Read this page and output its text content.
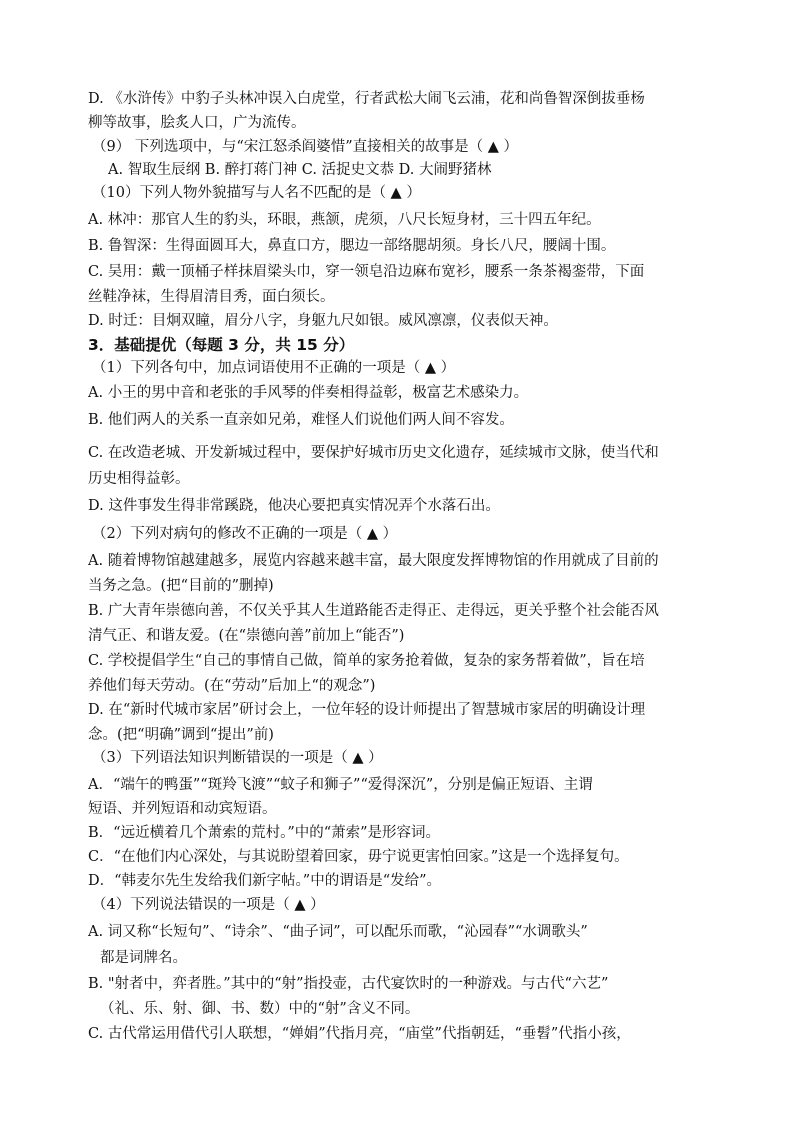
D. 《水浒传》中豹子头林冲误入白虎堂，行者武松大闹飞云浦，花和尚鲁智深倒拔垂杨
柳等故事，脍炙人口，广为流传。
（9） 下列选项中，与“宋江怒杀阎婆惜”直接相关的故事是（ ▲ ）
A. 智取生辰纲 B. 醉打蒋门神 C. 活捉史文恭 D. 大闹野猪林
（10）下列人物外貌描写与人名不匹配的是（ ▲ ）
A. 林冲：那官人生的豹头，环眼，燕颔，虎须，八尺长短身材，三十四五年纪。
B. 鲁智深：生得面圆耳大，鼻直口方，腮边一部络腮胡须。身长八尺，腰阔十围。
C. 吴用：戴一顶桶子样抹眉梁头巾，穿一领皂沿边麻布宽衫，腰系一条茶褐銮带，下面
丝鞋净袜，生得眉清目秀，面白须长。
D. 时迁：目炯双瞳，眉分八字，身躯九尺如银。威风凛凛，仪表似天神。
3．基础提优（每题 3 分，共 15 分）
（1）下列各句中，加点词语使用不正确的一项是（ ▲ ）
A. 小王的男中音和老张的手风琴的伴奏相得益彰，极富艺术感染力。
B. 他们两人的关系一直亲如兄弟，难怪人们说他们两人间不容发。
C. 在改造老城、开发新城过程中，要保护好城市历史文化遗存，延续城市文脉，使当代和
历史相得益彰。
D. 这件事发生得非常蹊跷，他决心要把真实情况弄个水落石出。
（2）下列对病句的修改不正确的一项是（ ▲ ）
A. 随着博物馆越建越多，展览内容越来越丰富，最大限度发挥博物馆的作用就成了目前的
当务之急。(把“目前的”删掉)
B. 广大青年崇德向善，不仅关乎其人生道路能否走得正、走得远，更关乎整个社会能否风
清气正、和谐友爱。(在“崇德向善”前加上“能否”)
C. 学校提倡学生“自己的事情自己做，简单的家务抢着做，复杂的家务帮着做”，旨在培
养他们每天劳动。(在“劳动”后加上“的观念”)
D. 在“新时代城市家居”研讨会上，一位年轻的设计师提出了智慧城市家居的明确设计理
念。(把“明确”调到“提出”前)
（3）下列语法知识判断错误的一项是（ ▲ ）
A．“端午的鸭蛋”“斑羚飞渡”“蚊子和狮子”“爱得深沉”，分别是偏正短语、主谓
短语、并列短语和动宾短语。
B．“远近横着几个萧索的荒村。”中的“萧索”是形容词。
C．“在他们内心深处，与其说盼望着回家，毋宁说更害怕回家。”这是一个选择复句。
D．“韩麦尔先生发给我们新字帖。”中的谓语是“发给”。
（4）下列说法错误的一项是（ ▲ ）
A. 词又称“长短句”、“诗余”、“曲子词”，可以配乐而歌，“沁园春”“水调歌头”
都是词牌名。
B. "射者中，弈者胜。”其中的“射”指投壶，古代宴饮时的一种游戏。与古代“六艺”
（礼、乐、射、御、书、数）中的“射”含义不同。
C. 古代常运用借代引人联想，“婵娟”代指月亮，“庙堂”代指朝廷，“垂髫”代指小孩，
